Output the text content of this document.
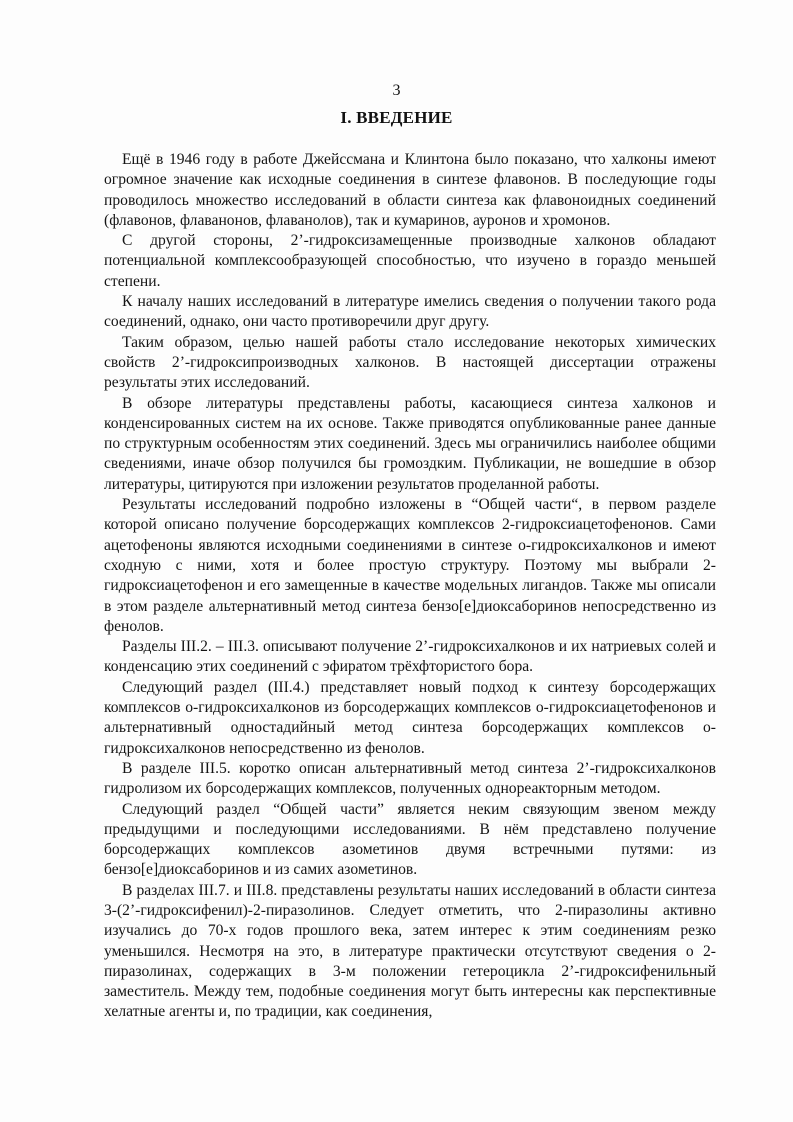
3
I. ВВЕДЕНИЕ

Ещё в 1946 году в работе Джейссмана и Клинтона было показано, что халконы имеют огромное значение как исходные соединения в синтезе флавонов. В последующие годы проводилось множество исследований в области синтеза как флавоноидных соединений (флавонов, флаванонов, флаванолов), так и кумаринов, ауронов и хромонов.

С другой стороны, 2’-гидроксизамещенные производные халконов обладают потенциальной комплексообразующей способностью, что изучено в гораздо меньшей степени.

К началу наших исследований в литературе имелись сведения о получении такого рода соединений, однако, они часто противоречили друг другу.

Таким образом, целью нашей работы стало исследование некоторых химических свойств 2’-гидроксипроизводных халконов. В настоящей диссертации отражены результаты этих исследований.

В обзоре литературы представлены работы, касающиеся синтеза халконов и конденсированных систем на их основе. Также приводятся опубликованные ранее данные по структурным особенностям этих соединений. Здесь мы ограничились наиболее общими сведениями, иначе обзор получился бы громоздким. Публикации, не вошедшие в обзор литературы, цитируются при изложении результатов проделанной работы.

Результаты исследований подробно изложены в “Общей части“, в первом разделе которой описано получение борсодержащих комплексов 2-гидроксиацетофенонов. Сами ацетофеноны являются исходными соединениями в синтезе о-гидроксихалконов и имеют сходную с ними, хотя и более простую структуру. Поэтому мы выбрали 2-гидроксиацетофенон и его замещенные в качестве модельных лигандов. Также мы описали в этом разделе альтернативный метод синтеза бензо[е]диоксаборинов непосредственно из фенолов.

Разделы III.2. – III.3. описывают получение 2’-гидроксихалконов и их натриевых солей и конденсацию этих соединений с эфиратом трёхфтористого бора.

Следующий раздел (III.4.) представляет новый подход к синтезу борсодержащих комплексов о-гидроксихалконов из борсодержащих комплексов о-гидроксиацетофенонов и альтернативный одностадийный метод синтеза борсодержащих комплексов о-гидроксихалконов непосредственно из фенолов.

В разделе III.5. коротко описан альтернативный метод синтеза 2’-гидроксихалконов гидролизом их борсодержащих комплексов, полученных однореакторным методом.

Следующий раздел “Общей части” является неким связующим звеном между предыдущими и последующими исследованиями. В нём представлено получение борсодержащих комплексов азометинов двумя встречными путями: из бензо[е]диоксаборинов и из самих азометинов.

В разделах III.7. и III.8. представлены результаты наших исследований в области синтеза 3-(2’-гидроксифенил)-2-пиразолинов. Следует отметить, что 2-пиразолины активно изучались до 70-х годов прошлого века, затем интерес к этим соединениям резко уменьшился. Несмотря на это, в литературе практически отсутствуют сведения о 2-пиразолинах, содержащих в 3-м положении гетероцикла 2’-гидроксифенильный заместитель. Между тем, подобные соединения могут быть интересны как перспективные хелатные агенты и, по традиции, как соединения,
